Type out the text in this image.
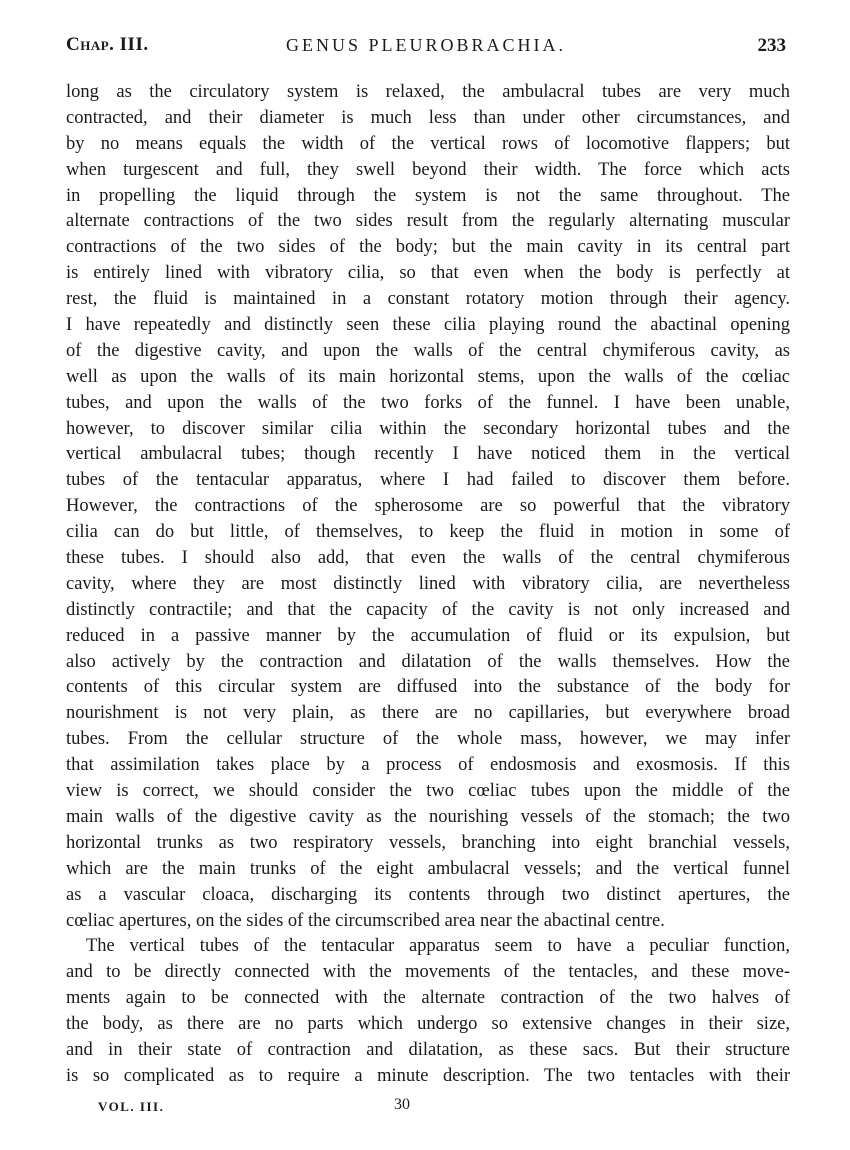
Chap. III.	GENUS PLEUROBRACHIA.	233
long as the circulatory system is relaxed, the ambulacral tubes are very much
contracted, and their diameter is much less than under other circumstances, and
by no means equals the width of the vertical rows of locomotive flappers; but
when turgescent and full, they swell beyond their width. The force which acts
in propelling the liquid through the system is not the same throughout. The
alternate contractions of the two sides result from the regularly alternating muscular
contractions of the two sides of the body; but the main cavity in its central part
is entirely lined with vibratory cilia, so that even when the body is perfectly at
rest, the fluid is maintained in a constant rotatory motion through their agency.
I have repeatedly and distinctly seen these cilia playing round the abactinal opening
of the digestive cavity, and upon the walls of the central chymiferous cavity, as
well as upon the walls of its main horizontal stems, upon the walls of the cœliac
tubes, and upon the walls of the two forks of the funnel. I have been unable,
however, to discover similar cilia within the secondary horizontal tubes and the
vertical ambulacral tubes; though recently I have noticed them in the vertical
tubes of the tentacular apparatus, where I had failed to discover them before.
However, the contractions of the spherosome are so powerful that the vibratory
cilia can do but little, of themselves, to keep the fluid in motion in some of
these tubes. I should also add, that even the walls of the central chymiferous
cavity, where they are most distinctly lined with vibratory cilia, are nevertheless
distinctly contractile; and that the capacity of the cavity is not only increased and
reduced in a passive manner by the accumulation of fluid or its expulsion, but
also actively by the contraction and dilatation of the walls themselves. How the
contents of this circular system are diffused into the substance of the body for
nourishment is not very plain, as there are no capillaries, but everywhere broad
tubes. From the cellular structure of the whole mass, however, we may infer
that assimilation takes place by a process of endosmosis and exosmosis. If this
view is correct, we should consider the two cœliac tubes upon the middle of the
main walls of the digestive cavity as the nourishing vessels of the stomach; the two
horizontal trunks as two respiratory vessels, branching into eight branchial vessels,
which are the main trunks of the eight ambulacral vessels; and the vertical funnel
as a vascular cloaca, discharging its contents through two distinct apertures, the
cœliac apertures, on the sides of the circumscribed area near the abactinal centre.
The vertical tubes of the tentacular apparatus seem to have a peculiar function,
and to be directly connected with the movements of the tentacles, and these move-
ments again to be connected with the alternate contraction of the two halves of
the body, as there are no parts which undergo so extensive changes in their size,
and in their state of contraction and dilatation, as these sacs. But their structure
is so complicated as to require a minute description. The two tentacles with their
VOL. III.	30
